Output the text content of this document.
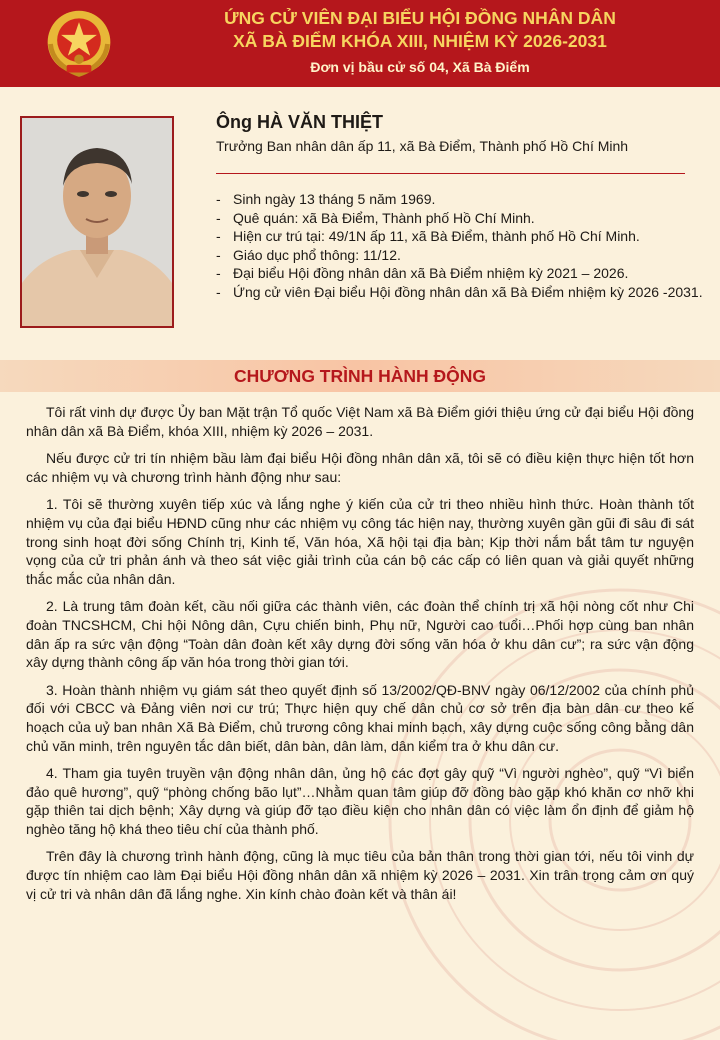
ỨNG CỬ VIÊN ĐẠI BIỂU HỘI ĐỒNG NHÂN DÂN
XÃ BÀ ĐIỂM KHÓA XIII, NHIỆM KỲ 2026-2031
Đơn vị bầu cử số 04, Xã Bà Điểm
Ông HÀ VĂN THIỆT
Trưởng Ban nhân dân ấp 11, xã Bà Điểm, Thành phố Hồ Chí Minh
- Sinh ngày 13 tháng 5 năm 1969.
- Quê quán: xã Bà Điểm, Thành phố Hồ Chí Minh.
- Hiện cư trú tại: 49/1N ấp 11, xã Bà Điểm, thành phố Hồ Chí Minh.
- Giáo dục phổ thông: 11/12.
- Đại biểu Hội đồng nhân dân xã Bà Điểm nhiệm kỳ 2021 – 2026.
- Ứng cử viên Đại biểu Hội đồng nhân dân xã Bà Điểm nhiệm kỳ 2026 -2031.
CHƯƠNG TRÌNH HÀNH ĐỘNG

Tôi rất vinh dự được Ủy ban Mặt trận Tổ quốc Việt Nam xã Bà Điểm giới thiệu ứng cử đại biểu Hội đồng nhân dân xã Bà Điểm, khóa XIII, nhiệm kỳ 2026 – 2031.

Nếu được cử tri tín nhiệm bầu làm đại biểu Hội đồng nhân dân xã, tôi sẽ có điều kiện thực hiện tốt hơn các nhiệm vụ và chương trình hành động như sau:

1. Tôi sẽ thường xuyên tiếp xúc và lắng nghe ý kiến của cử tri theo nhiều hình thức. Hoàn thành tốt nhiệm vụ của đại biểu HĐND cũng như các nhiệm vụ công tác hiện nay, thường xuyên gần gũi đi sâu đi sát trong sinh hoạt đời sống Chính trị, Kinh tế, Văn hóa, Xã hội tại địa bàn; Kịp thời nắm bắt tâm tư nguyện vọng của cử tri phản ánh và theo sát việc giải trình của cán bộ các cấp có liên quan và giải quyết những thắc mắc của nhân dân.

2. Là trung tâm đoàn kết, cầu nối giữa các thành viên, các đoàn thể chính trị xã hội nòng cốt như Chi đoàn TNCSHCM, Chi hội Nông dân, Cựu chiến binh, Phụ nữ, Người cao tuổi…Phối hợp cùng ban nhân dân ấp ra sức vận động “Toàn dân đoàn kết xây dựng đời sống văn hóa ở khu dân cư”; ra sức vận động xây dựng thành công ấp văn hóa trong thời gian tới.

3. Hoàn thành nhiệm vụ giám sát theo quyết định số 13/2002/QĐ-BNV ngày 06/12/2002 của chính phủ đối với CBCC và Đảng viên nơi cư trú; Thực hiện quy chế dân chủ cơ sở trên địa bàn dân cư theo kế hoạch của uỷ ban nhân Xã Bà Điểm, chủ trương công khai minh bạch, xây dựng cuộc sống công bằng dân chủ văn minh, trên nguyên tắc dân biết, dân bàn, dân làm, dân kiểm tra ở khu dân cư.

4. Tham gia tuyên truyền vận động nhân dân, ủng hộ các đợt gây quỹ “Vì người nghèo”, quỹ “Vì biển đảo quê hương”, quỹ “phòng chống bão lụt”…Nhằm quan tâm giúp đỡ đồng bào gặp khó khăn cơ nhỡ khi gặp thiên tai dịch bệnh; Xây dựng và giúp đỡ tạo điều kiện cho nhân dân có việc làm ổn định để giảm hộ nghèo tăng hộ khá theo tiêu chí của thành phố.

Trên đây là chương trình hành động, cũng là mục tiêu của bản thân trong thời gian tới, nếu tôi vinh dự được tín nhiệm cao làm Đại biểu Hội đồng nhân dân xã nhiệm kỳ 2026 – 2031. Xin trân trọng cảm ơn quý vị cử tri và nhân dân đã lắng nghe. Xin kính chào đoàn kết và thân ái!
